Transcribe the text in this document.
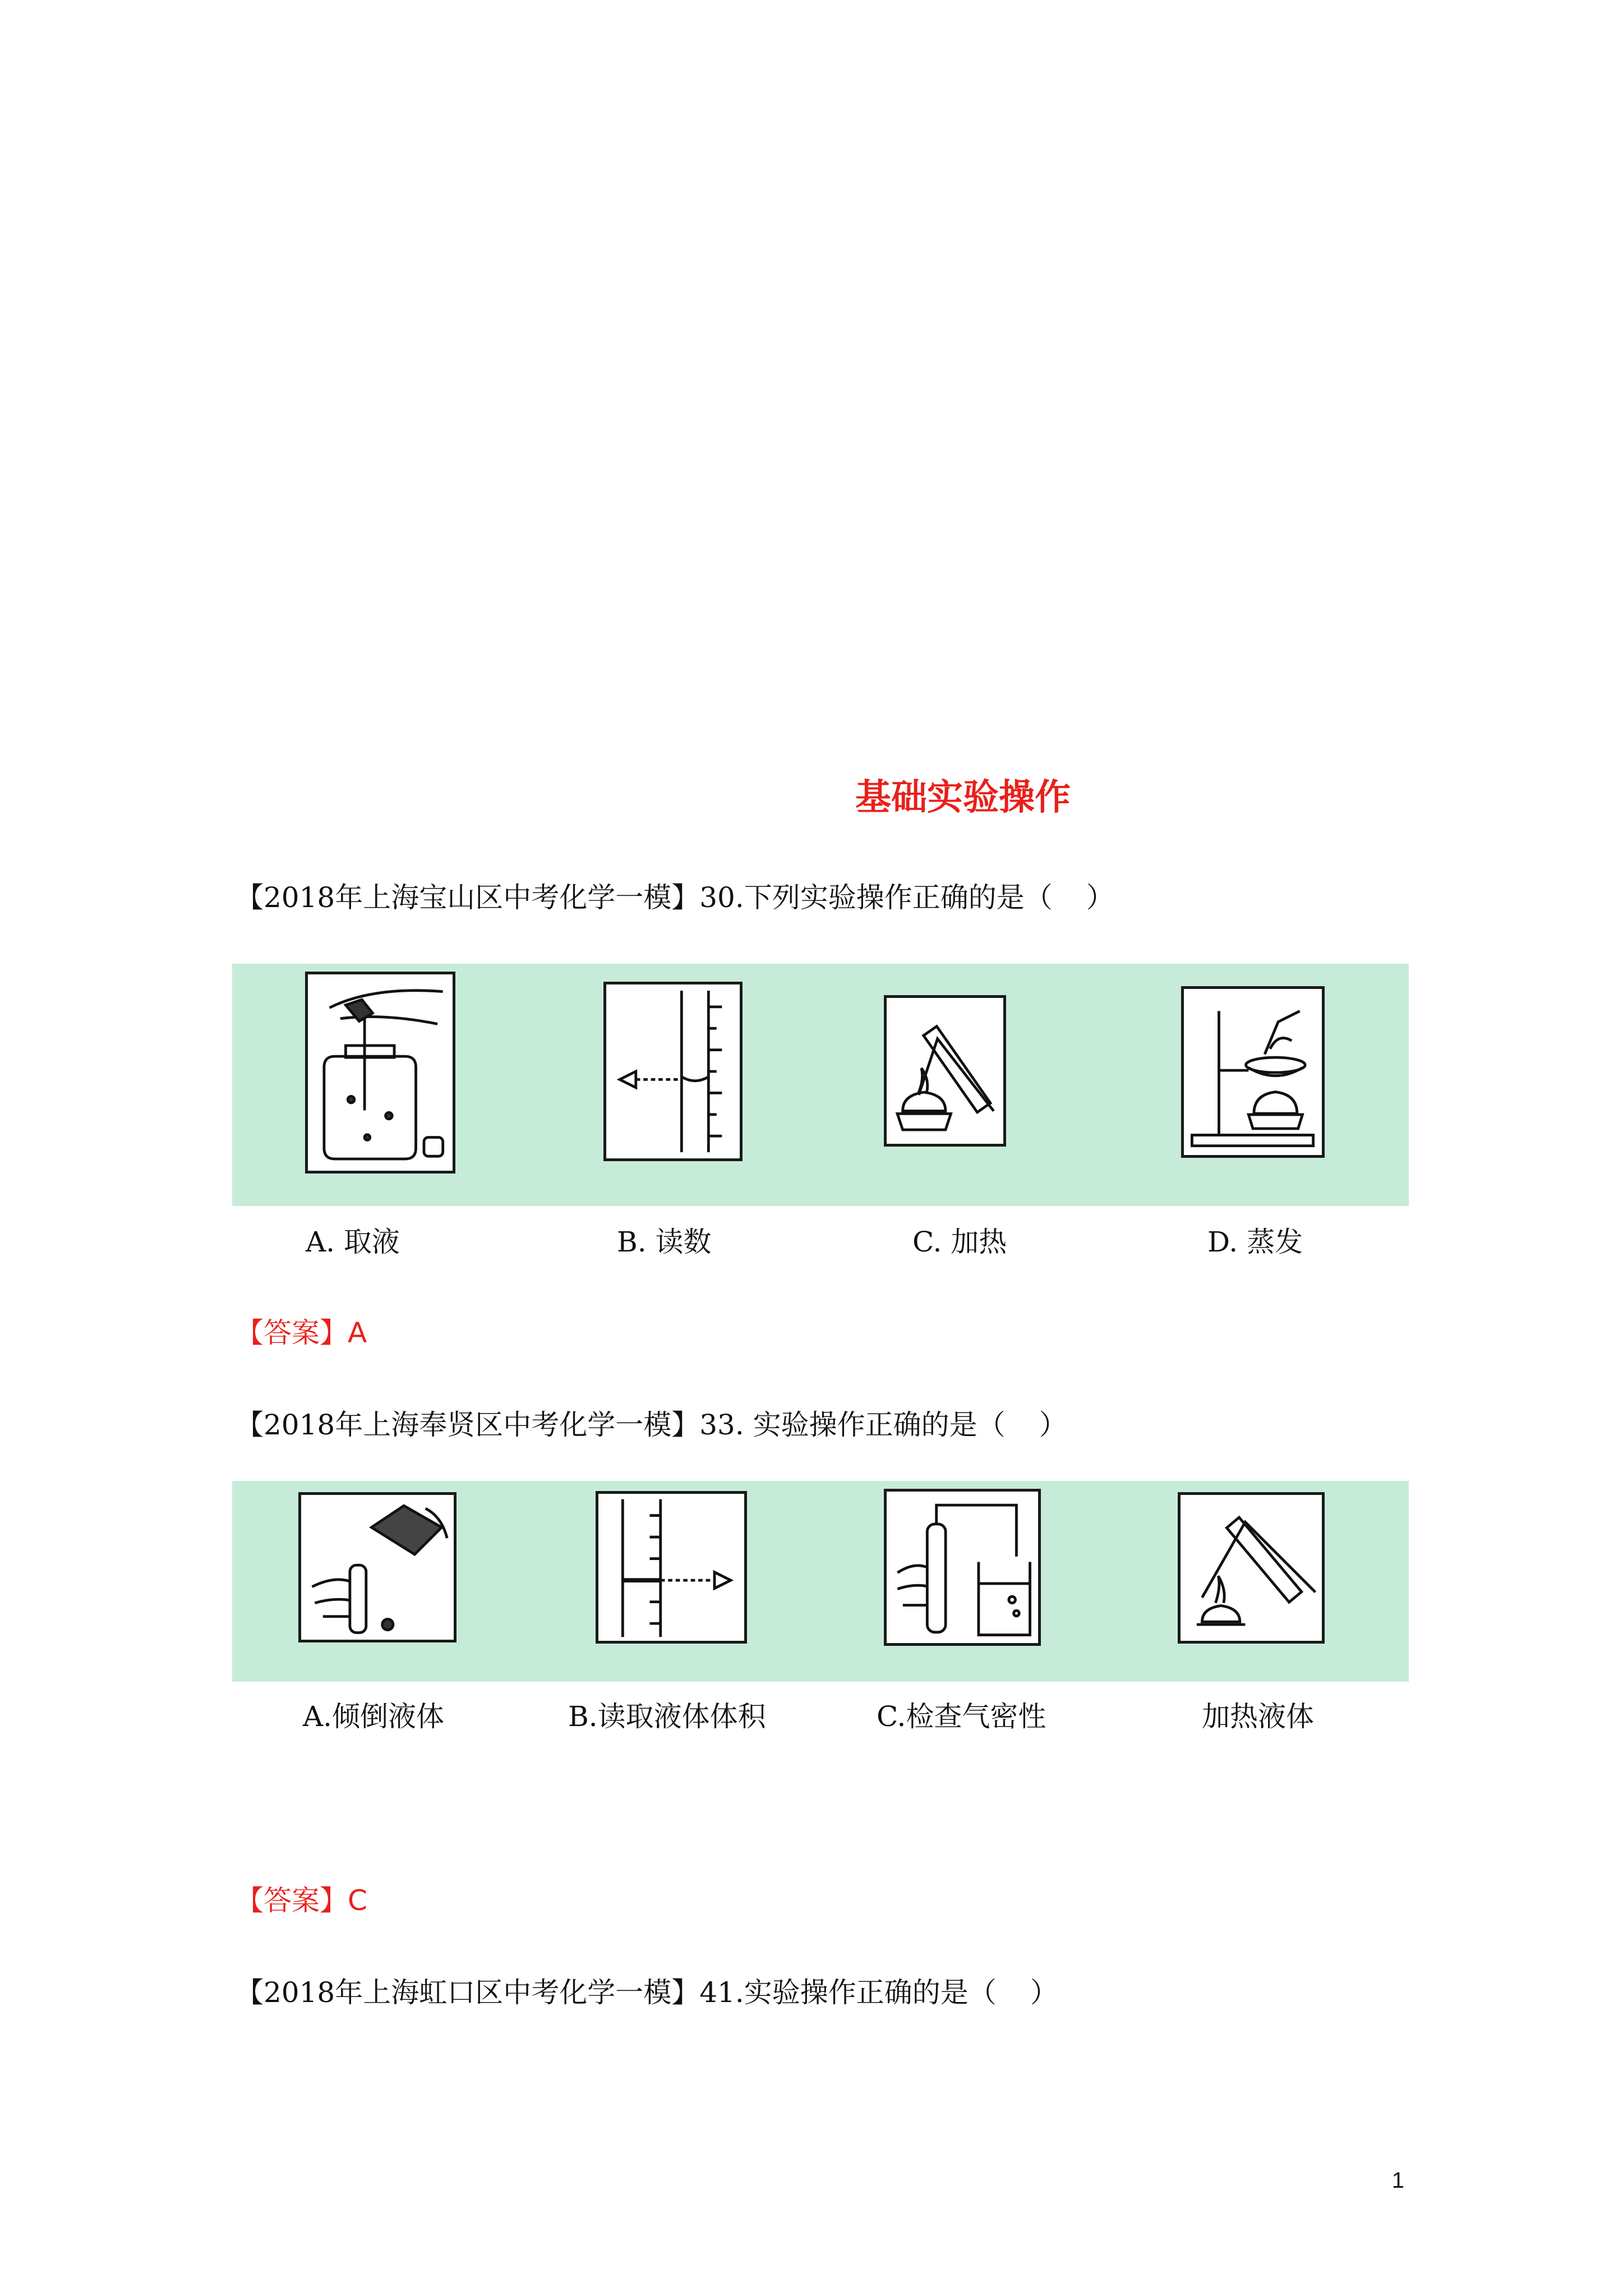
基础实验操作
【2018年上海宝山区中考化学一模】30.下列实验操作正确的是（ ）
A. 取液	B. 读数	C. 加热	D. 蒸发
【答案】A
【2018年上海奉贤区中考化学一模】33. 实验操作正确的是（ ）
A.倾倒液体	B.读取液体体积	C.检查气密性	加热液体
【答案】C
【2018年上海虹口区中考化学一模】41.实验操作正确的是（ ）
1
